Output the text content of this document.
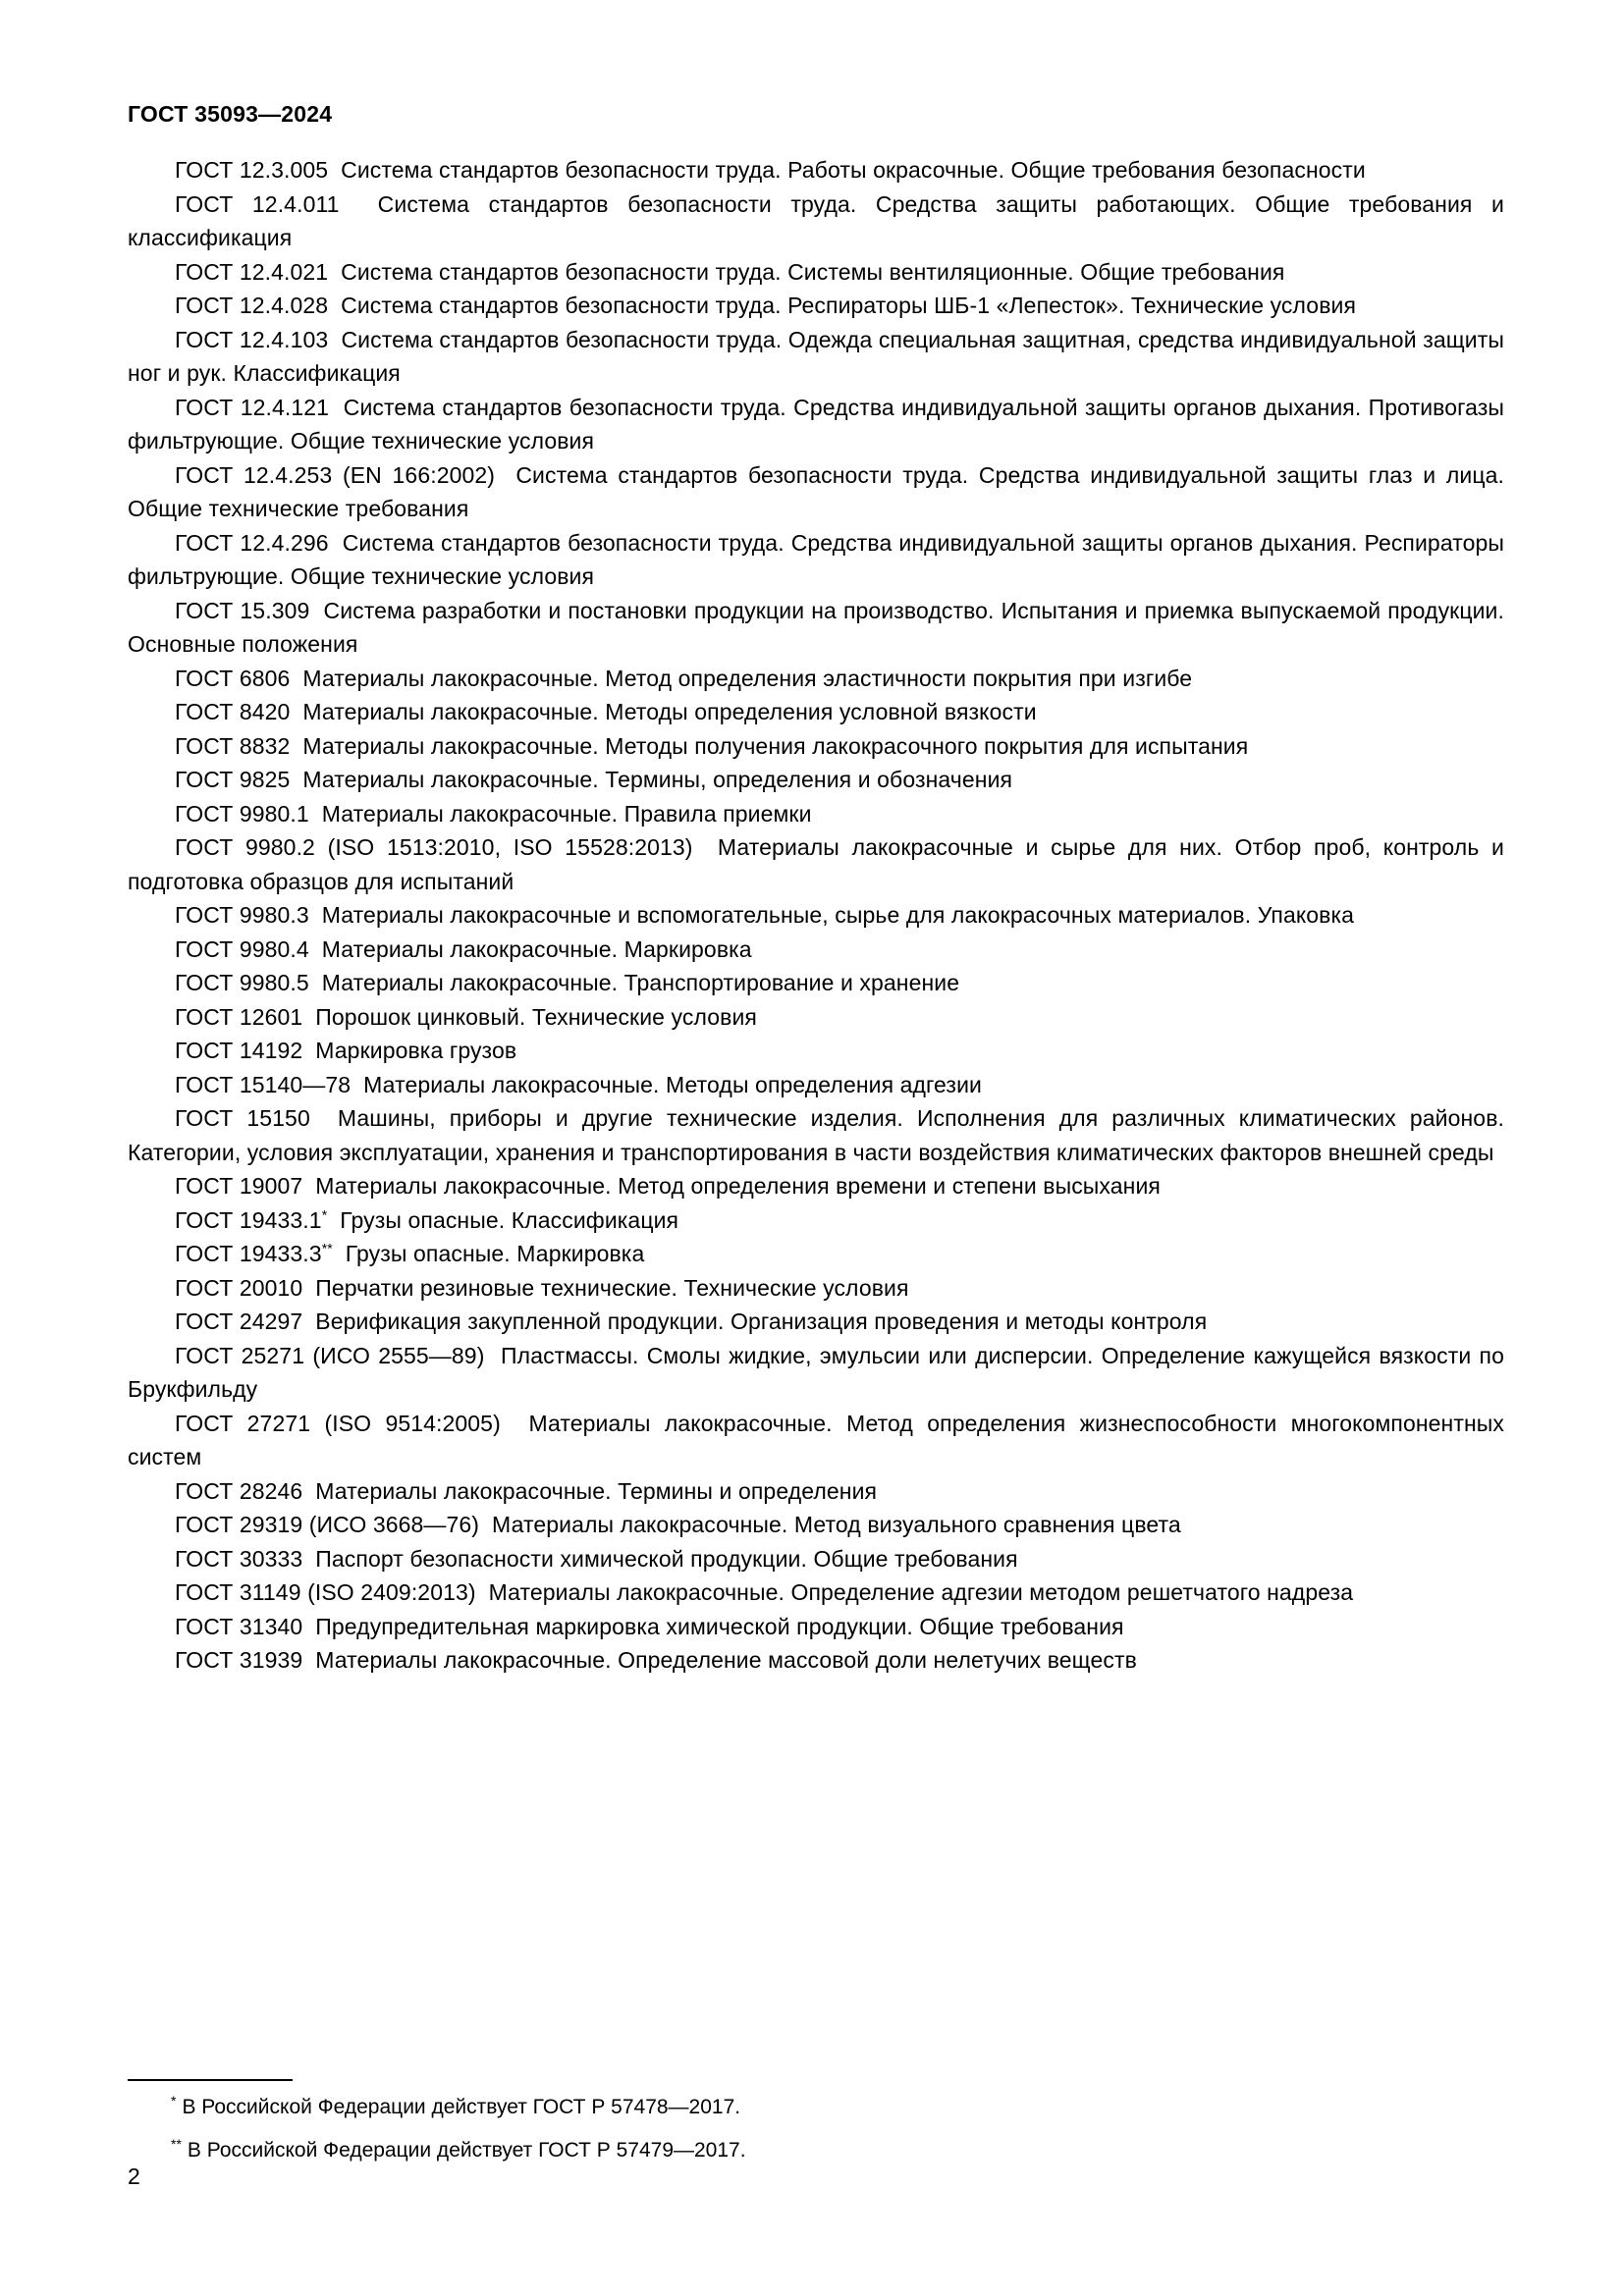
ГОСТ 35093—2024

ГОСТ 12.3.005  Система стандартов безопасности труда. Работы окрасочные. Общие требования безопасности

ГОСТ 12.4.011  Система стандартов безопасности труда. Средства защиты работающих. Общие требования и классификация

ГОСТ 12.4.021  Система стандартов безопасности труда. Системы вентиляционные. Общие требования

ГОСТ 12.4.028  Система стандартов безопасности труда. Респираторы ШБ-1 «Лепесток». Технические условия

ГОСТ 12.4.103  Система стандартов безопасности труда. Одежда специальная защитная, средства индивидуальной защиты ног и рук. Классификация

ГОСТ 12.4.121  Система стандартов безопасности труда. Средства индивидуальной защиты органов дыхания. Противогазы фильтрующие. Общие технические условия

ГОСТ 12.4.253 (EN 166:2002)  Система стандартов безопасности труда. Средства индивидуальной защиты глаз и лица. Общие технические требования

ГОСТ 12.4.296  Система стандартов безопасности труда. Средства индивидуальной защиты органов дыхания. Респираторы фильтрующие. Общие технические условия

ГОСТ 15.309  Система разработки и постановки продукции на производство. Испытания и приемка выпускаемой продукции. Основные положения

ГОСТ 6806  Материалы лакокрасочные. Метод определения эластичности покрытия при изгибе

ГОСТ 8420  Материалы лакокрасочные. Методы определения условной вязкости

ГОСТ 8832  Материалы лакокрасочные. Методы получения лакокрасочного покрытия для испытания

ГОСТ 9825  Материалы лакокрасочные. Термины, определения и обозначения

ГОСТ 9980.1  Материалы лакокрасочные. Правила приемки

ГОСТ 9980.2 (ISO 1513:2010, ISO 15528:2013)  Материалы лакокрасочные и сырье для них. Отбор проб, контроль и подготовка образцов для испытаний

ГОСТ 9980.3  Материалы лакокрасочные и вспомогательные, сырье для лакокрасочных материалов. Упаковка

ГОСТ 9980.4  Материалы лакокрасочные. Маркировка

ГОСТ 9980.5  Материалы лакокрасочные. Транспортирование и хранение

ГОСТ 12601  Порошок цинковый. Технические условия

ГОСТ 14192  Маркировка грузов

ГОСТ 15140—78  Материалы лакокрасочные. Методы определения адгезии

ГОСТ 15150  Машины, приборы и другие технические изделия. Исполнения для различных климатических районов. Категории, условия эксплуатации, хранения и транспортирования в части воздействия климатических факторов внешней среды

ГОСТ 19007  Материалы лакокрасочные. Метод определения времени и степени высыхания

ГОСТ 19433.1*  Грузы опасные. Классификация

ГОСТ 19433.3**  Грузы опасные. Маркировка

ГОСТ 20010  Перчатки резиновые технические. Технические условия

ГОСТ 24297  Верификация закупленной продукции. Организация проведения и методы контроля

ГОСТ 25271 (ИСО 2555—89)  Пластмассы. Смолы жидкие, эмульсии или дисперсии. Определение кажущейся вязкости по Брукфильду

ГОСТ 27271 (ISO 9514:2005)  Материалы лакокрасочные. Метод определения жизнеспособности многокомпонентных систем

ГОСТ 28246  Материалы лакокрасочные. Термины и определения

ГОСТ 29319 (ИСО 3668—76)  Материалы лакокрасочные. Метод визуального сравнения цвета

ГОСТ 30333  Паспорт безопасности химической продукции. Общие требования

ГОСТ 31149 (ISO 2409:2013)  Материалы лакокрасочные. Определение адгезии методом решетчатого надреза

ГОСТ 31340  Предупредительная маркировка химической продукции. Общие требования

ГОСТ 31939  Материалы лакокрасочные. Определение массовой доли нелетучих веществ

* В Российской Федерации действует ГОСТ Р 57478—2017.

** В Российской Федерации действует ГОСТ Р 57479—2017.

2
